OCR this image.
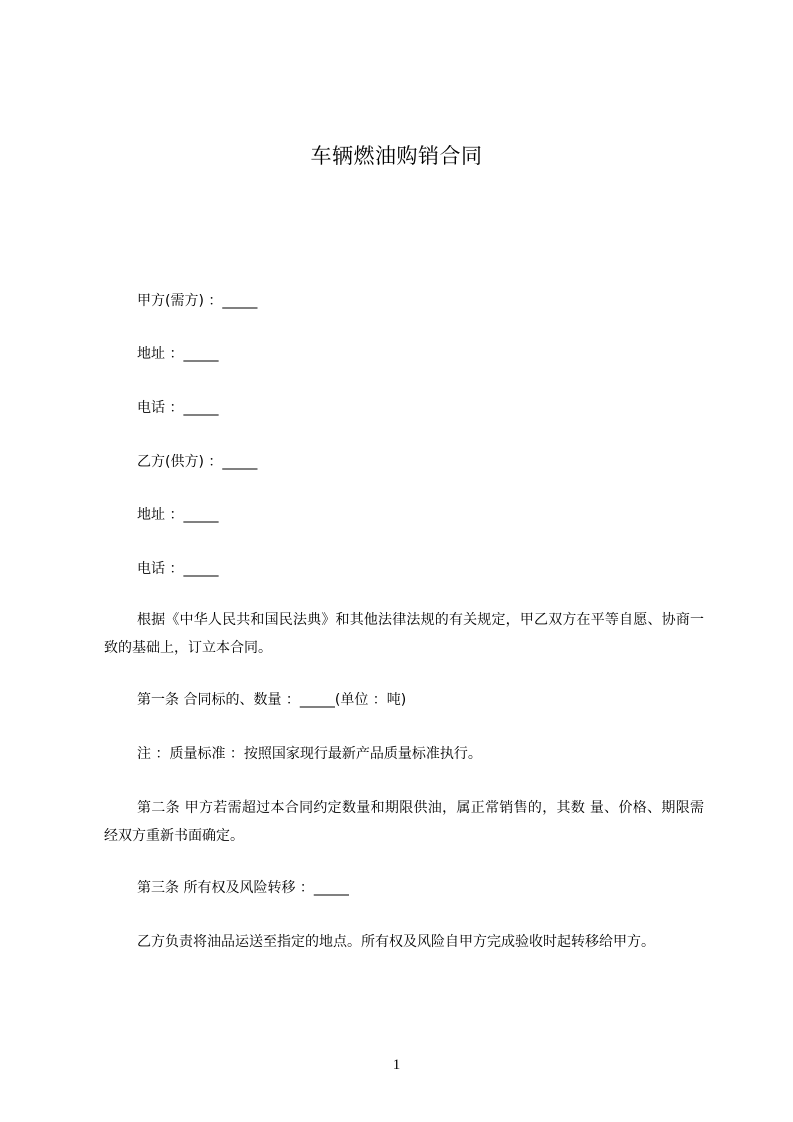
车辆燃油购销合同
甲方(需方) ：_____
地址 ：_____
电话 ：_____
乙方(供方) ：_____
地址 ：_____
电话 ：_____
根据《中华人民共和国民法典》和其他法律法规的有关规定，甲乙双方在平等自愿、协商一致的基础上，订立本合同。
第一条 合同标的、数量 ：_____(单位 ：吨)
注 ：质量标准 ：按照国家现行最新产品质量标准执行。
第二条 甲方若需超过本合同约定数量和期限供油，属正常销售的，其数 量、价格、期限需经双方重新书面确定。
第三条 所有权及风险转移 ：_____
乙方负责将油品运送至指定的地点。所有权及风险自甲方完成验收时起转移给甲方。
1
